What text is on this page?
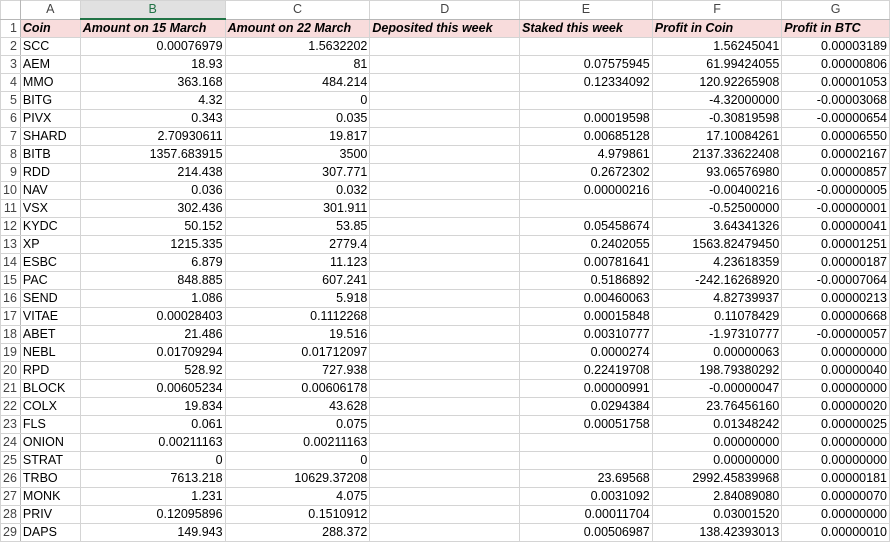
	A	B	C	D	E	F	G
1	Coin	Amount on 15 March	Amount on 22 March	Deposited this week	Staked this week	Profit in Coin	Profit in BTC
2	SCC	0.00076979	1.5632202			1.56245041	0.00003189
3	AEM	18.93	81		0.07575945	61.99424055	0.00000806
4	MMO	363.168	484.214		0.12334092	120.92265908	0.00001053
5	BITG	4.32	0			-4.32000000	-0.00003068
6	PIVX	0.343	0.035		0.00019598	-0.30819598	-0.00000654
7	SHARD	2.70930611	19.817		0.00685128	17.10084261	0.00006550
8	BITB	1357.683915	3500		4.979861	2137.33622408	0.00002167
9	RDD	214.438	307.771		0.2672302	93.06576980	0.00000857
10	NAV	0.036	0.032		0.00000216	-0.00400216	-0.00000005
11	VSX	302.436	301.911			-0.52500000	-0.00000001
12	KYDC	50.152	53.85		0.05458674	3.64341326	0.00000041
13	XP	1215.335	2779.4		0.2402055	1563.82479450	0.00001251
14	ESBC	6.879	11.123		0.00781641	4.23618359	0.00000187
15	PAC	848.885	607.241		0.5186892	-242.16268920	-0.00007064
16	SEND	1.086	5.918		0.00460063	4.82739937	0.00000213
17	VITAE	0.00028403	0.1112268		0.00015848	0.11078429	0.00000668
18	ABET	21.486	19.516		0.00310777	-1.97310777	-0.00000057
19	NEBL	0.01709294	0.01712097		0.0000274	0.00000063	0.00000000
20	RPD	528.92	727.938		0.22419708	198.79380292	0.00000040
21	BLOCK	0.00605234	0.00606178		0.00000991	-0.00000047	0.00000000
22	COLX	19.834	43.628		0.0294384	23.76456160	0.00000020
23	FLS	0.061	0.075		0.00051758	0.01348242	0.00000025
24	ONION	0.00211163	0.00211163			0.00000000	0.00000000
25	STRAT	0	0			0.00000000	0.00000000
26	TRBO	7613.218	10629.37208		23.69568	2992.45839968	0.00000181
27	MONK	1.231	4.075		0.0031092	2.84089080	0.00000070
28	PRIV	0.12095896	0.1510912		0.00011704	0.03001520	0.00000000
29	DAPS	149.943	288.372		0.00506987	138.42393013	0.00000010
